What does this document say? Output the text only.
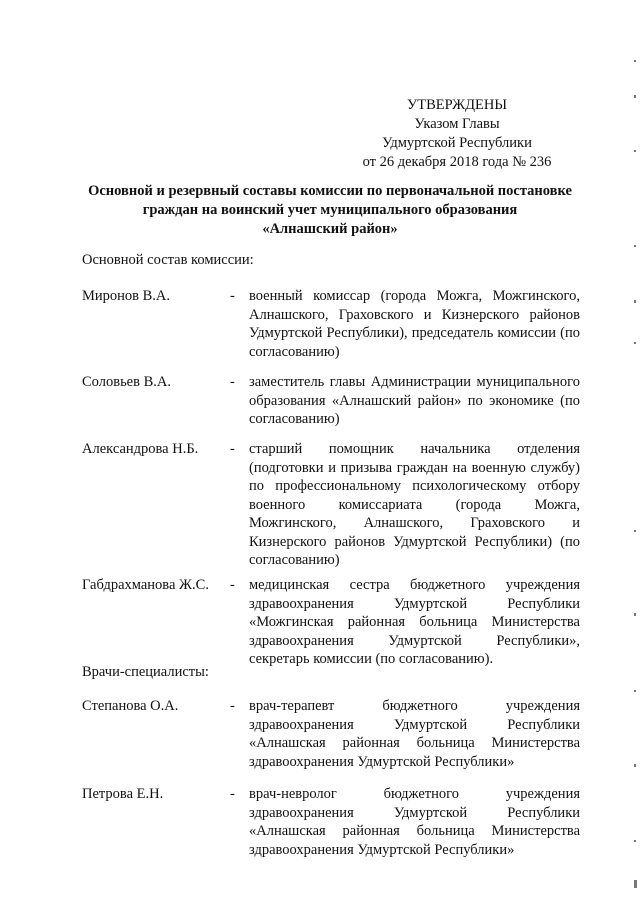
УТВЕРЖДЕНЫ
Указом Главы
Удмуртской Республики
от 26 декабря 2018 года № 236
Основной и резервный составы комиссии по первоначальной постановке
граждан на воинский учет муниципального образования
«Алнашский район»
Основной состав комиссии:
Миронов В.А.	- военный комиссар (города Можга, Можгинского, Алнашского, Граховского и Кизнерского районов Удмуртской Республики), председатель комиссии (по согласованию)
Соловьев В.А.	- заместитель главы Администрации муниципального образования «Алнашский район» по экономике (по согласованию)
Александрова Н.Б.	- старший помощник начальника отделения (подготовки и призыва граждан на военную службу) по профессиональному психологическому отбору военного комиссариата (города Можга, Можгинского, Алнашского, Граховского и Кизнерского районов Удмуртской Республики) (по согласованию)
Габдрахманова Ж.С.	- медицинская сестра бюджетного учреждения здравоохранения Удмуртской Республики «Можгинская районная больница Министерства здравоохранения Удмуртской Республики», секретарь комиссии (по согласованию).
Врачи-специалисты:
Степанова О.А.	- врач-терапевт бюджетного учреждения здравоохранения Удмуртской Республики «Алнашская районная больница Министерства здравоохранения Удмуртской Республики»
Петрова Е.Н.	- врач-невролог бюджетного учреждения здравоохранения Удмуртской Республики «Алнашская районная больница Министерства здравоохранения Удмуртской Республики»
